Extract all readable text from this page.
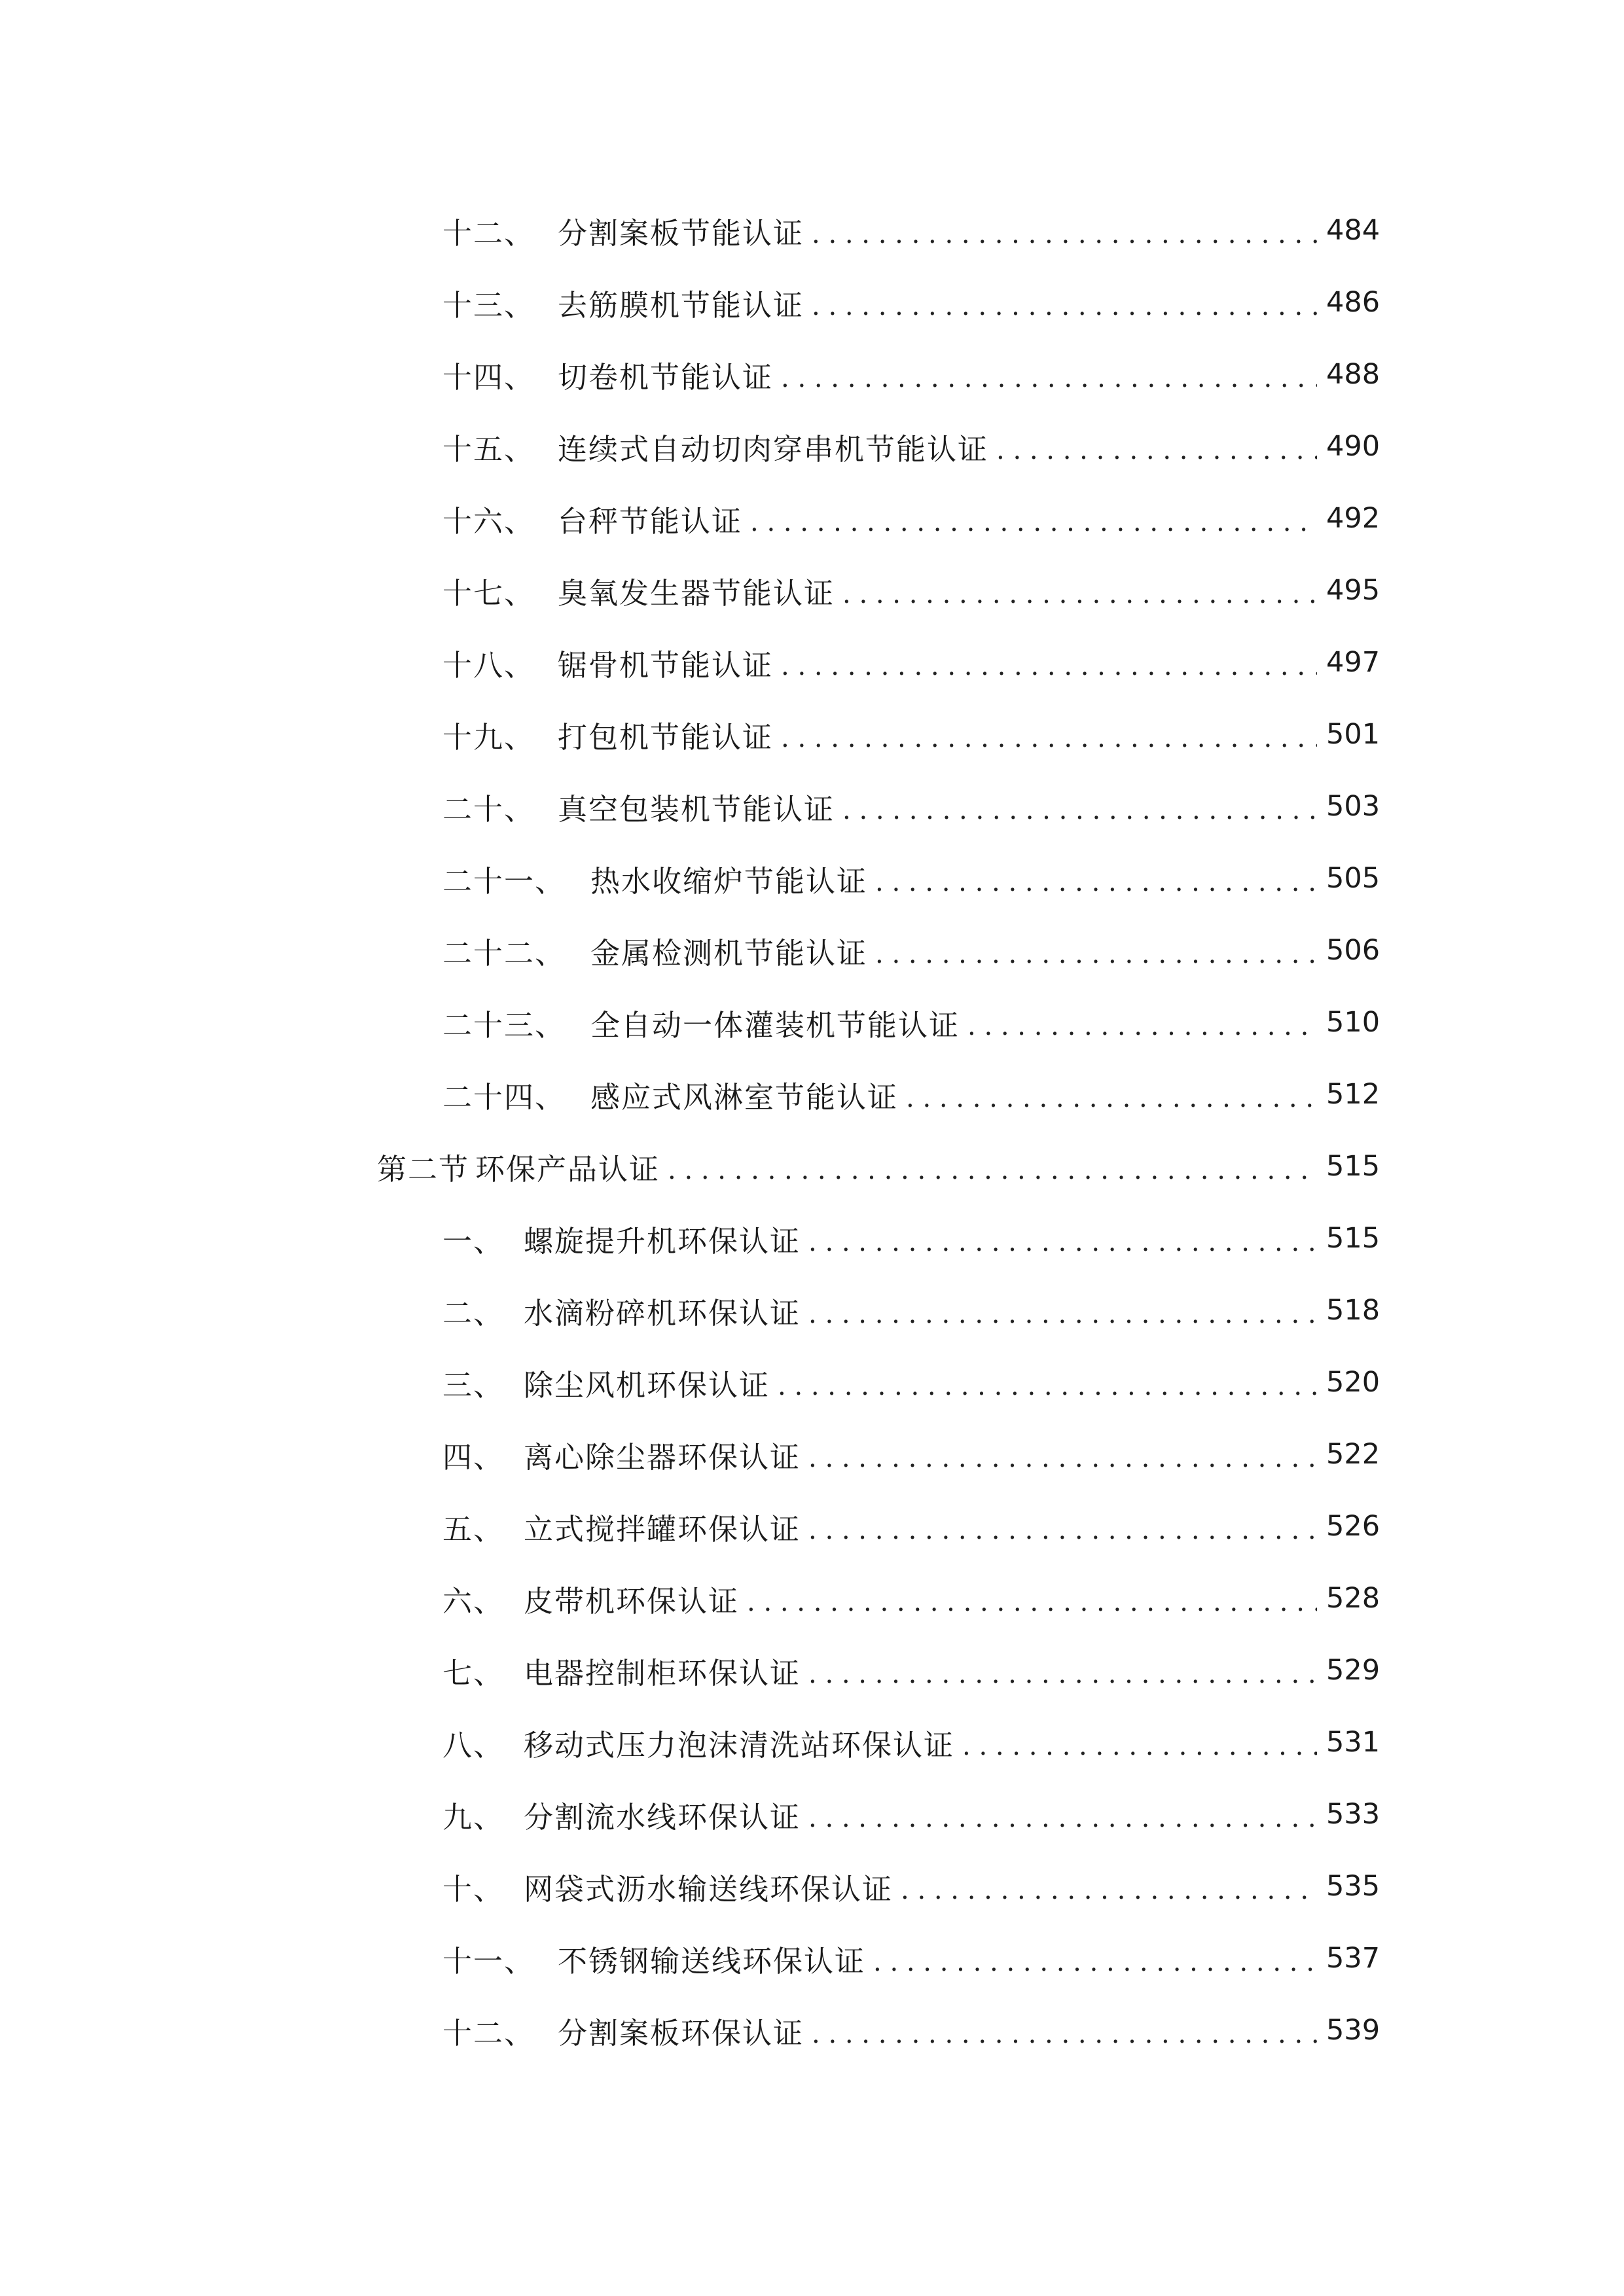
十二、 分割案板节能认证 . . .	484
十三、 去筋膜机节能认证 . . .	486
十四、 切卷机节能认证 . . .	488
十五、 连续式自动切肉穿串机节能认证 . . .	490
十六、 台秤节能认证 . . .	492
十七、 臭氧发生器节能认证 . . .	495
十八、 锯骨机节能认证 . . .	497
十九、 打包机节能认证 . . .	501
二十、 真空包装机节能认证 . . .	503
二十一、 热水收缩炉节能认证 . . .	505
二十二、 金属检测机节能认证 . . .	506
二十三、 全自动一体灌装机节能认证 . . .	510
二十四、 感应式风淋室节能认证 . . .	512
第二节 环保产品认证 . . .	515
一、 螺旋提升机环保认证 . . .	515
二、 水滴粉碎机环保认证 . . .	518
三、 除尘风机环保认证 . . .	520
四、 离心除尘器环保认证 . . .	522
五、 立式搅拌罐环保认证 . . .	526
六、 皮带机环保认证 . . .	528
七、 电器控制柜环保认证 . . .	529
八、 移动式压力泡沫清洗站环保认证 . . .	531
九、 分割流水线环保认证 . . .	533
十、 网袋式沥水输送线环保认证 . . .	535
十一、 不锈钢输送线环保认证 . . .	537
十二、 分割案板环保认证 . . .	539
